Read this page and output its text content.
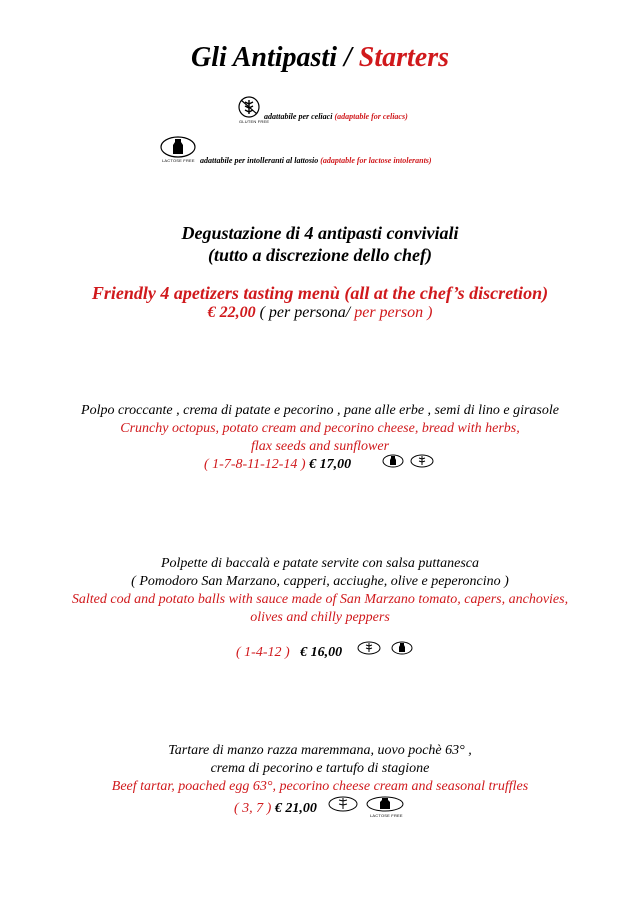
Gli Antipasti / Starters
GLUTEN FREE
adattabile per celiaci (adaptable for celiacs)
LACTOSE FREE adattabile per intolleranti al lattosio (adaptable for lactose intolerants)
Degustazione di 4 antipasti conviviali
(tutto a discrezione dello chef)
Friendly 4 apetizers tasting menù (all at the chef’s discretion)
€ 22,00 ( per persona/ per person )
Polpo croccante , crema di patate e pecorino , pane alle erbe , semi di lino e girasole
Crunchy octopus, potato cream and pecorino cheese, bread with herbs,
flax seeds and sunflower
( 1-7-8-11-12-14 ) € 17,00
Polpette di baccalà e patate servite con salsa puttanesca
( Pomodoro San Marzano, capperi, acciughe, olive e peperoncino )
Salted cod and potato balls with sauce made of San Marzano tomato, capers, anchovies,
olives and chilly peppers
( 1-4-12 ) € 16,00
Tartare di manzo razza maremmana, uovo pochè 63° ,
crema di pecorino e tartufo di stagione
Beef tartar, poached egg 63°, pecorino cheese cream and seasonal truffles
( 3, 7 ) € 21,00	LACTOSE FREE
